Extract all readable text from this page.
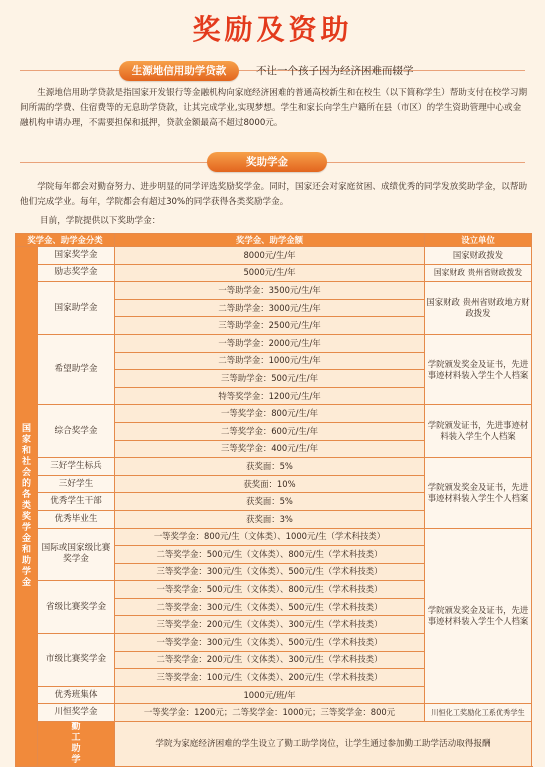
奖励及资助
生源地信用助学贷款	不让一个孩子因为经济困难而辍学
生源地信用助学贷款是指国家开发银行等金融机构向家庭经济困难的普通高校新生和在校生（以下简称学生）帮助支付在校学习期间所需的学费、住宿费等的无息助学贷款，让其完成学业,实现梦想。学生和家长向学生户籍所在县（市区）的学生资助管理中心或金融机构申请办理，不需要担保和抵押，贷款金额最高不超过8000元。
奖助学金
学院每年都会对勤奋努力、进步明显的同学评选奖励奖学金。同时，国家还会对家庭贫困、成绩优秀的同学发放奖助学金，以帮助他们完成学业。每年，学院都会有超过30%的同学获得各类奖励学金。
目前，学院提供以下奖助学金：
奖学金、助学金分类		奖学金、助学金额	设立单位
国家和社会的各类奖学金和助学金	国家奖学金	8000元/生/年	国家财政拨发
	励志奖学金	5000元/生/年	国家财政 贵州省财政拨发
	国家助学金	一等助学金：3500元/生/年	国家财政 贵州省财政地方财政拨发
		二等助学金：3000元/生/年	
		三等助学金：2500元/生/年	
	希望助学金	一等助学金：2000元/生/年	学院颁发奖金及证书，先进事迹材料装入学生个人档案
		二等助学金：1000元/生/年	
		三等助学金：500元/生/年	
		特等奖学金：1200元/生/年	
	综合奖学金	一等奖学金：800元/生/年	学院颁发证书，先进事迹材料装入学生个人档案
		二等奖学金：600元/生/年	
		三等奖学金：400元/生/年	
	三好学生标兵	获奖面：5%	学院颁发奖金及证书，先进事迹材料装入学生个人档案
	三好学生	获奖面：10%	
	优秀学生干部	获奖面：5%	
	优秀毕业生	获奖面：3%	
	国际或国家级比赛奖学金	一等奖学金：800元/生（文体类）、1000元/生（学术科技类）	学院颁发奖金及证书，先进事迹材料装入学生个人档案
		二等奖学金：500元/生（文体类）、800元/生（学术科技类）	
		三等奖学金：300元/生（文体类）、500元/生（学术科技类）	
	省级比赛奖学金	一等奖学金：500元/生（文体类）、800元/生（学术科技类）	
		二等奖学金：300元/生（文体类）、500元/生（学术科技类）	
		三等奖学金：200元/生（文体类）、300元/生（学术科技类）	
	市级比赛奖学金	一等奖学金：300元/生（文体类）、500元/生（学术科技类）	
		二等奖学金：200元/生（文体类）、300元/生（学术科技类）	
		三等奖学金：100元/生（文体类）、200元/生（学术科技类）	
	优秀班集体	1000元/班/年	
	川恒奖学金	一等奖学金：1200元；二等奖学金：1000元；三等奖学金：800元	川恒化工奖励化工系优秀学生
	勤工助学	学院为家庭经济困难的学生设立了勤工助学岗位，让学生通过参加勤工助学活动取得报酬	
